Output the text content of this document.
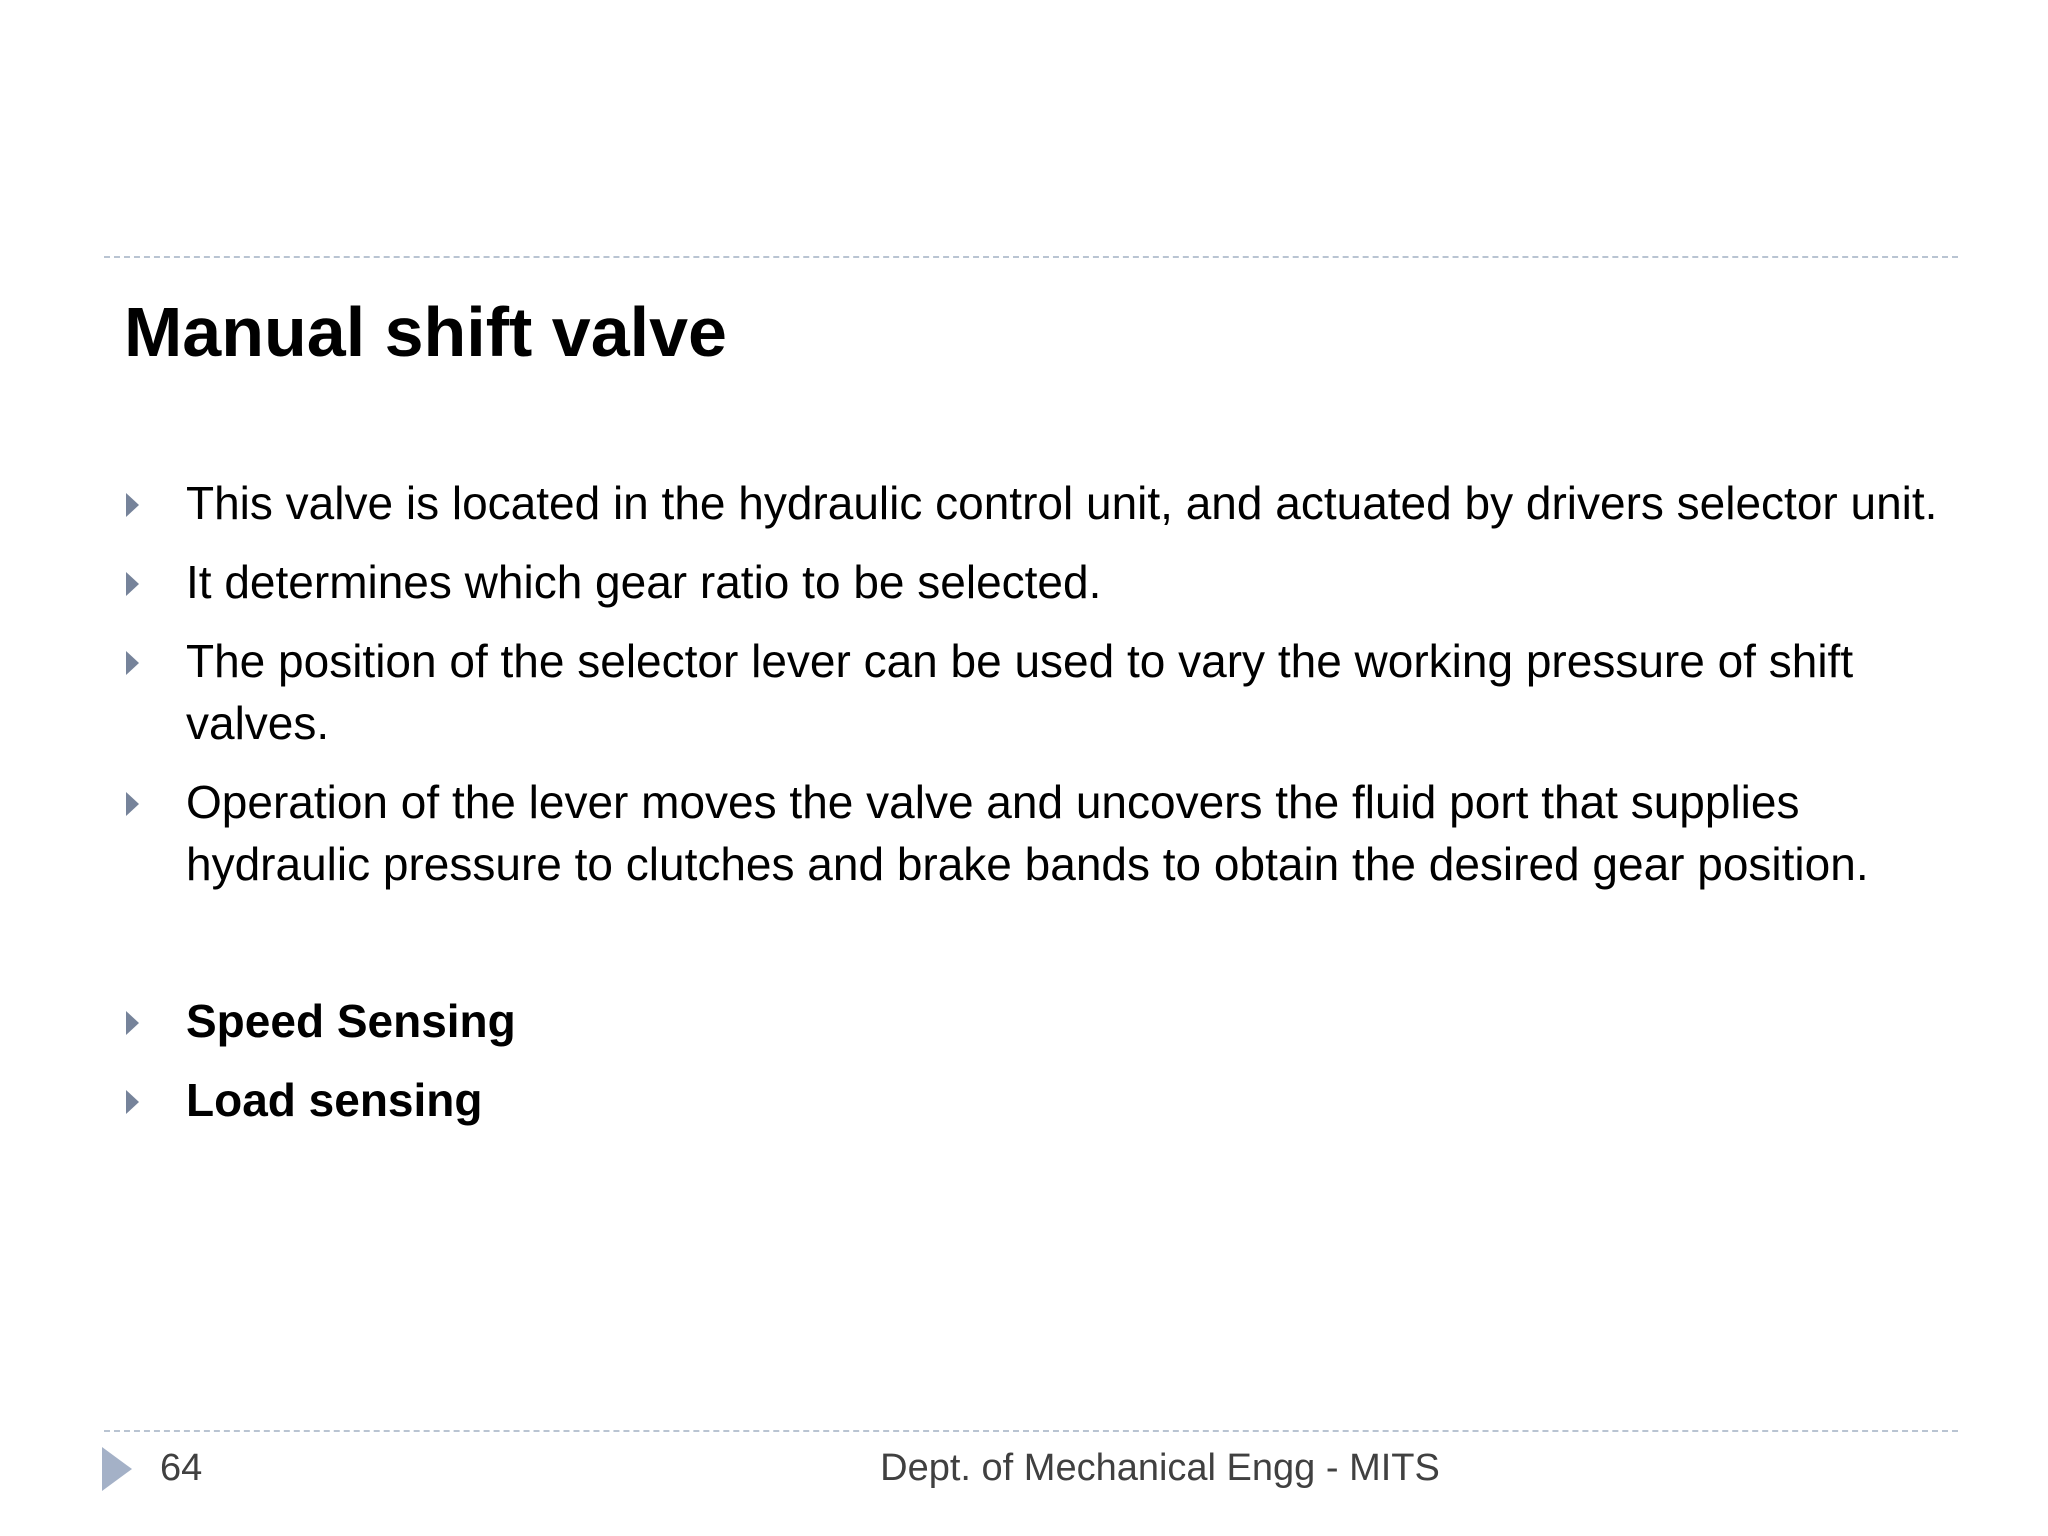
Manual shift valve
This valve is located in the hydraulic control unit, and actuated by drivers selector unit.
It determines which gear ratio to be selected.
The position of the selector lever can be used to vary the working pressure of shift valves.
Operation of the lever moves the valve and uncovers the fluid port that supplies hydraulic pressure to clutches and brake bands to obtain the desired gear position.
Speed Sensing
Load sensing
64	Dept. of Mechanical Engg - MITS
